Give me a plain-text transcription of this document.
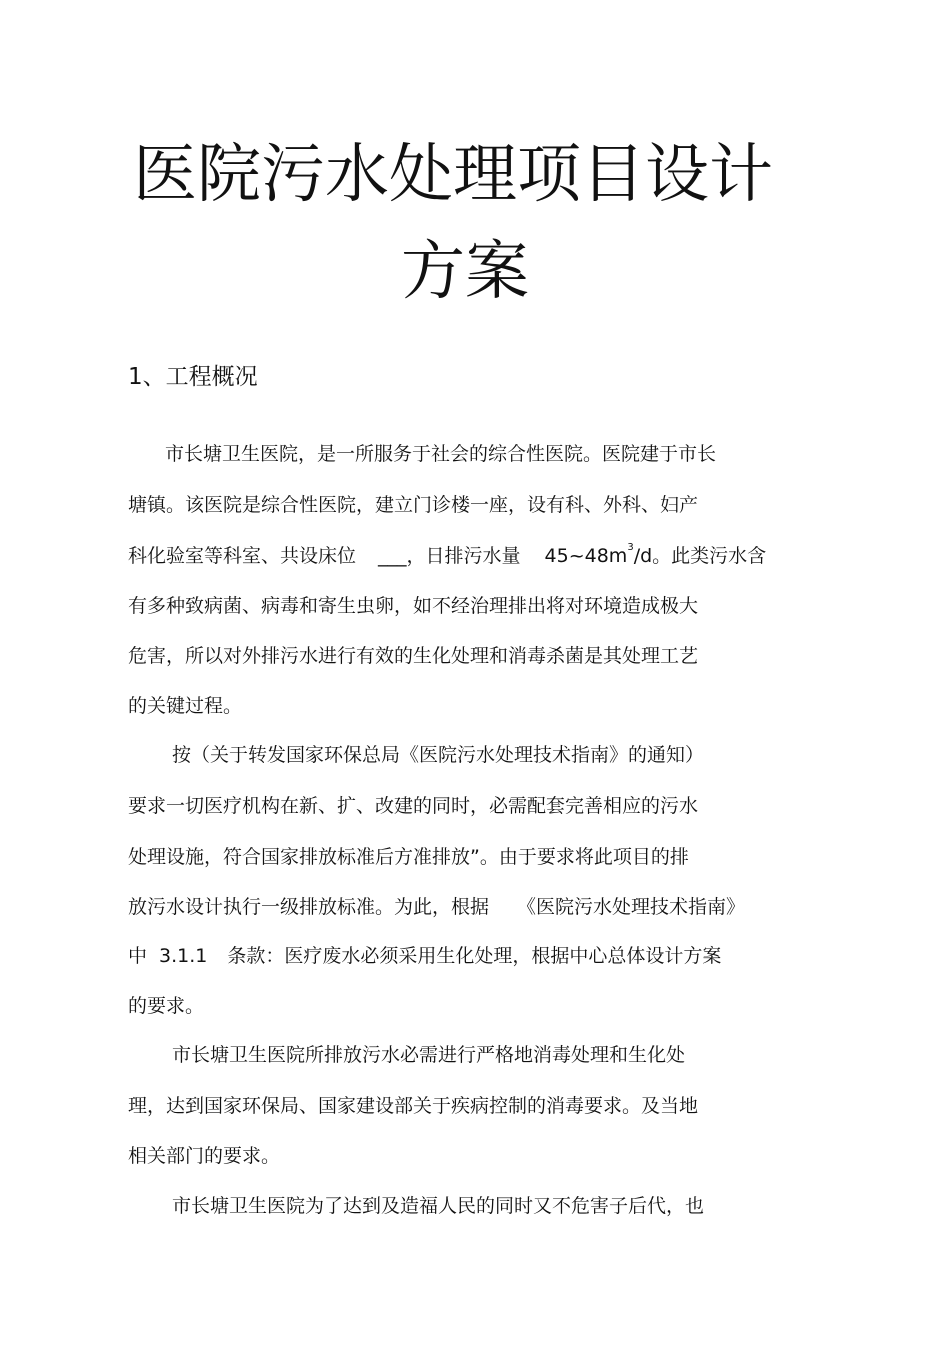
医院污水处理项目设计
方案
1、工程概况
市长塘卫生医院，是一所服务于社会的综合性医院。医院建于市长
塘镇。该医院是综合性医院，建立门诊楼一座，设有科、外科、妇产
科化验室等科室、共设床位 ___，日排污水量 $45\sim 48m^3/d$。此类污水含
有多种致病菌、病毒和寄生虫卵，如不经治理排出将对环境造成极大
危害，所以对外排污水进行有效的生化处理和消毒杀菌是其处理工艺
的关键过程。
按（关于转发国家环保总局《医院污水处理技术指南》的通知）
要求一切医疗机构在新、扩、改建的同时，必需配套完善相应的污水
处理设施，符合国家排放标准后方准排放”。由于要求将此项目的排
放污水设计执行一级排放标准。为此，根据 《医院污水处理技术指南》
中 3.1.1 条款：医疗废水必须采用生化处理，根据中心总体设计方案
的要求。
市长塘卫生医院所排放污水必需进行严格地消毒处理和生化处
理，达到国家环保局、国家建设部关于疾病控制的消毒要求。及当地
相关部门的要求。
市长塘卫生医院为了达到及造福人民的同时又不危害子后代，也
